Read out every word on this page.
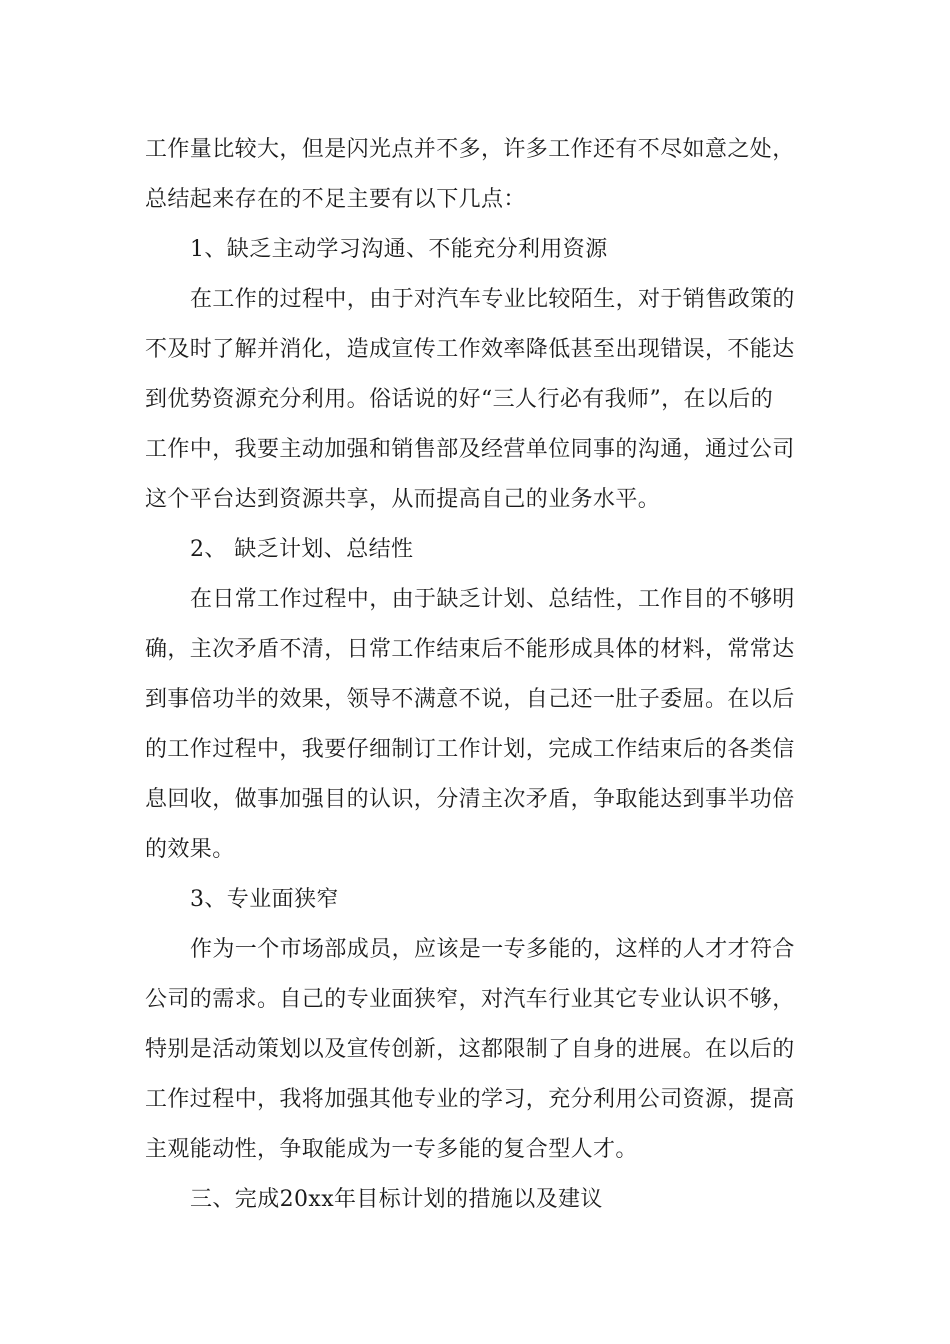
工作量比较大，但是闪光点并不多，许多工作还有不尽如意之处，
总结起来存在的不足主要有以下几点：
1、缺乏主动学习沟通、不能充分利用资源
在工作的过程中，由于对汽车专业比较陌生，对于销售政策的
不及时了解并消化，造成宣传工作效率降低甚至出现错误，不能达
到优势资源充分利用。俗话说的好“三人行必有我师”，在以后的
工作中，我要主动加强和销售部及经营单位同事的沟通，通过公司
这个平台达到资源共享，从而提高自己的业务水平。
2、 缺乏计划、总结性
在日常工作过程中，由于缺乏计划、总结性，工作目的不够明
确，主次矛盾不清，日常工作结束后不能形成具体的材料，常常达
到事倍功半的效果，领导不满意不说，自己还一肚子委屈。在以后
的工作过程中，我要仔细制订工作计划，完成工作结束后的各类信
息回收，做事加强目的认识，分清主次矛盾，争取能达到事半功倍
的效果。
3、专业面狭窄
作为一个市场部成员，应该是一专多能的，这样的人才才符合
公司的需求。自己的专业面狭窄，对汽车行业其它专业认识不够，
特别是活动策划以及宣传创新，这都限制了自身的进展。在以后的
工作过程中，我将加强其他专业的学习，充分利用公司资源，提高
主观能动性，争取能成为一专多能的复合型人才。
三、完成20xx年目标计划的措施以及建议
